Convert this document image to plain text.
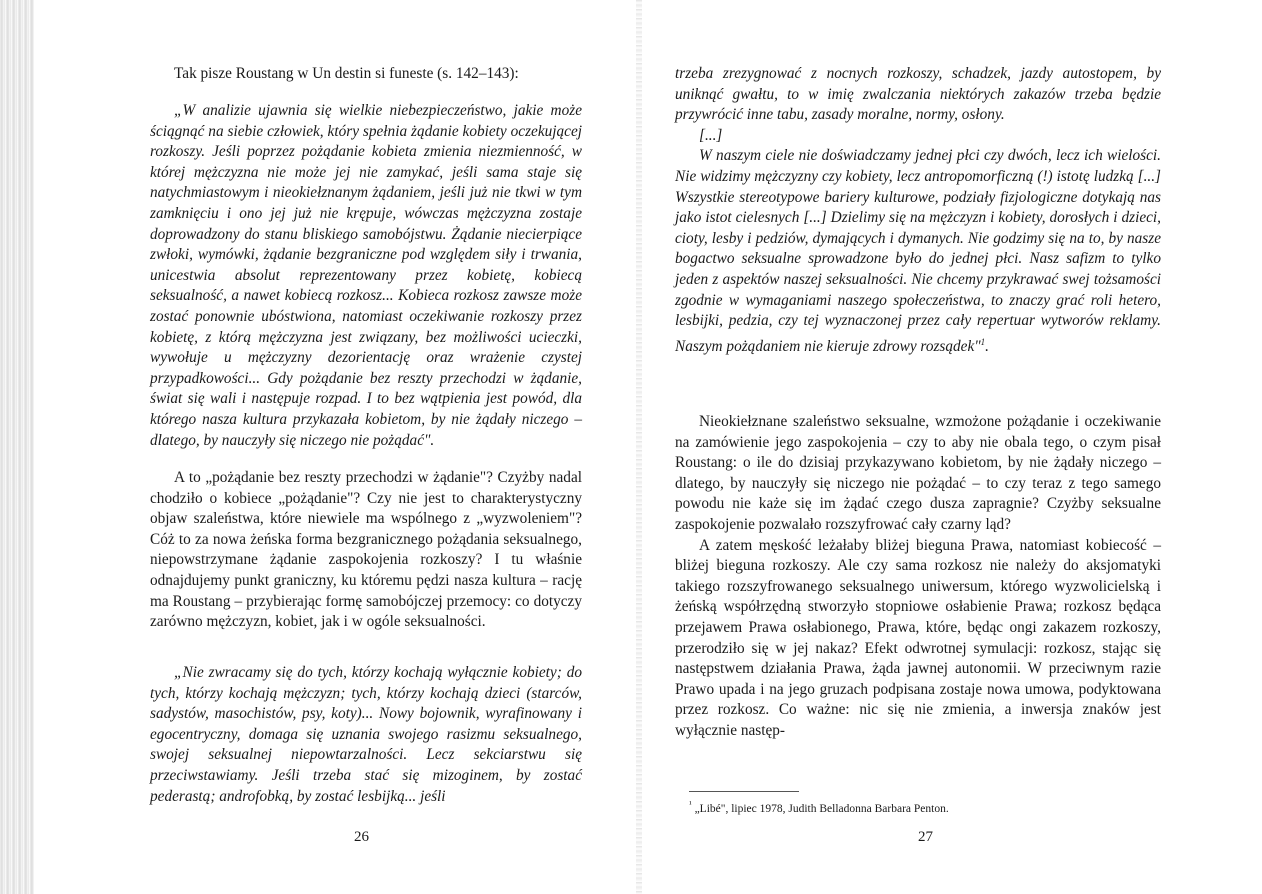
Tak pisze Roustang w Un destin si funeste (s. 142–143):

„W analizie ujawnia się wielkie niebezpieczeństwo, jakie może ściągnąć na siebie człowiek, który spełnia żądanie kobiety oczekującej rozkoszy. Jeśli poprzez pożądanie kobieta zmienia niezmienność, w której mężczyzna nie może jej nie zamykać, jeśli sama staje się natychmiastowym i nieokiełznanym żądaniem, jeśli już nie tkwi w tym zamknięciu i ono jej już nie krępuje, wówczas mężczyzna zostaje doprowadzony do stanu bliskiego samobójstwu. Żądanie niecierpiące zwłoki, wymówki, żądanie bezgraniczne pod względem siły i trwania, unicestwia absolut reprezentowany przez kobietę, kobiecą seksualność, a nawet kobiecą rozkosz... Kobieca rozkosz zawsze może zostać ponownie ubóstwiona, natomiast oczekiwanie rozkoszy przez kobietę, z którą mężczyzna jest związany, bez możliwości ucieczki, wywołuje u mężczyzny dezorientację oraz wrażenie czystej przypadkowości... Gdy pożądanie bez reszty przechodzi w żądanie, świat się wali i następuje rozpad. I to bez wątpienia jest powód, dla którego nasza kultura przykazała kobietom, by nie żądały niczego – dlatego, by nauczyły się niczego nie pożądać".

A to „pożądanie bez reszty przechodzi w żądanie"? Czyżby nadal chodziło o kobiece „pożądanie"? Czy nie jest to charakterystyczny objaw szaleństwa, które niewiele ma wspólnego z „wyzwoleniem"? Cóż to za nowa żeńska forma bezgranicznego pożądania seksualnego, niepowstrzymane żądanie zaspokojenia rozkoszy? I tu właśnie odnajdujemy punkt graniczny, ku któremu pędzi nasza kultura – rację ma Roustang – przybierając formę samobójczej przemocy: co dotyczy zarówno mężczyzn, kobiet, jak i w ogóle seksualności.

„Nie zwracamy się do tych, którzy kochają wyłącznie kobiety; do tych, którzy kochają mężczyzn; tych, którzy kochają dzieci (starców, sadystów, masochistów, psy, koty)... Nowy bojownik, wyrafinowany i egocentryczny, domaga się uznania swojego rasizmu seksualnego, swojej seksualnej niepowtarzalności. Lecz sekciarstwu się przeciwstawiamy. Jeśli trzeba stać się mizoginem, by zostać pederastą; androfobką, by zostać lesbijką... jeśli

26

trzeba zrezygnować z nocnych rozkoszy, schadzek, jazdy autostopem, by uniknąć gwałtu, to w imię zwalczania niektórych zakazów trzeba będzie przywrócić inne tabu, zasady moralne, normy, osłony.

[...]

W naszym ciele nie doświadczamy jednej płci czy dwóch, lecz ich wielości. Nie widzimy mężczyzny czy kobiety, lecz antropomorficzną (!) istotę ludzką [...] Wszystkie stereotypowe bariery kulturowe, podziały fizjologiczne dotykają nas jako istot cielesnych [...] Dzielimy się na mężczyzn i kobiety, dorosłych i dzieci, cioty, lesby i pedziów, dymających i dymanych. Nie godzimy się na to, by nasze bogactwo seksualne sprowadzone było do jednej płci. Nasz safizm to tylko jeden z aspektów naszej seksualności. Nie chcemy przykrawać swej tożsamości zgodnie w wymaganiami naszego społeczeństwa, to znaczy grać roli hetero, lesbijki, pedzia, czy tej wyznaczonej przez cały repertuar wytworów reklamy. Naszym pożądaniem nie kieruje zdrowy rozsądek"$^1$.

Nieokiełznane szaleństwo seksualne, wzmożone pożądanie i oczekiwanie na zamówienie jego zaspokojenia – czy to aby nie obala tego, o czym pisał Roustang: o ile do dzisiaj przykazywano kobietom, by nie żądały niczego – dlatego, by nauczyły się niczego nie pożądać – to czy teraz z tego samego powodu nie każe się im żądać czego dusza zapragnie? Czyżby seksualne zaspokojenie pozwalało rozszyfrować cały czarny ląd?

A zatem męskość leżałaby bliżej bieguna Prawa, natomiast kobiecość – bliżej bieguna rozkoszy. Ale czy sama rozkosz nie należy do aksjomatyki takiego rozszyfrowanego seksualnego uniwersum, którego wyzwolicielską i żeńską współrzędną stworzyło stopniowe osłabienie Prawa; rozkosz będąca przejawem Prawa osłabionego, Prawa, które, będąc ongi zakazem rozkoszy, przerodziło się w jej nakaz? Efekt odwrotnej symulacji: rozkosz, stając się następstwem działania Prawa, żąda jawnej autonomii. W przeciwnym razie Prawo upada i na jego gruzach podpisana zostaje nowa umowa, podyktowana przez rozkosz. Co ważne: nic się nie zmienia, a inwersja znaków jest wyłącznie następ-

$^{^1}$ „Libé", lipiec 1978, Judith Belladonna Barbara Penton.
27
